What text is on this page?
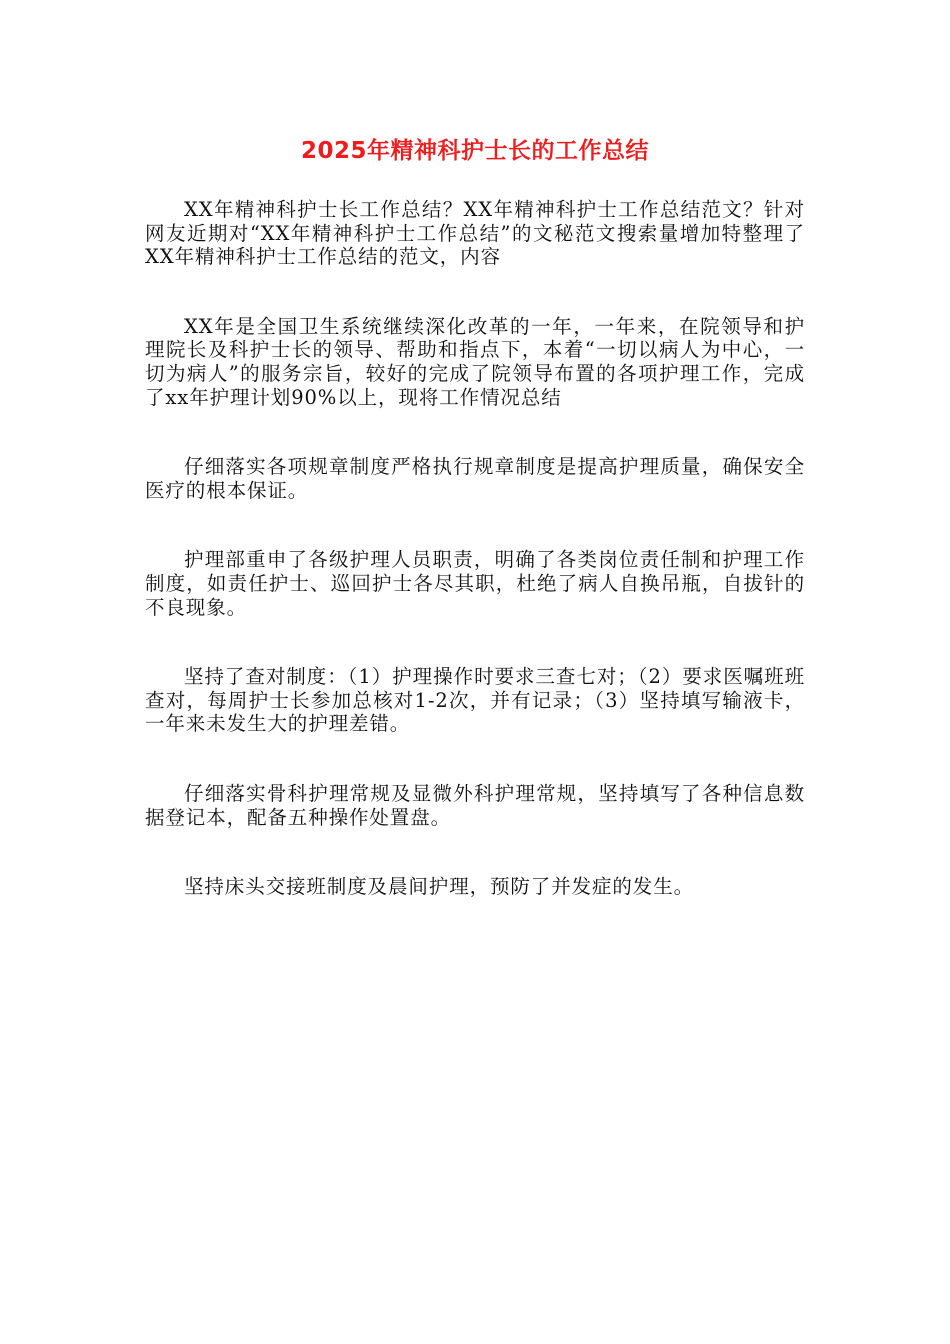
2025年精神科护士长的工作总结

XX年精神科护士长工作总结？XX年精神科护士工作总结范文？针对网友近期对“XX年精神科护士工作总结”的文秘范文搜索量增加特整理了XX年精神科护士工作总结的范文，内容

XX年是全国卫生系统继续深化改革的一年，一年来，在院领导和护理院长及科护士长的领导、帮助和指点下，本着“一切以病人为中心，一切为病人”的服务宗旨，较好的完成了院领导布置的各项护理工作，完成了xx年护理计划90%以上，现将工作情况总结

仔细落实各项规章制度严格执行规章制度是提高护理质量，确保安全医疗的根本保证。

护理部重申了各级护理人员职责，明确了各类岗位责任制和护理工作制度，如责任护士、巡回护士各尽其职，杜绝了病人自换吊瓶，自拔针的不良现象。

坚持了查对制度：（1）护理操作时要求三查七对；（2）要求医嘱班班查对，每周护士长参加总核对1-2次，并有记录；（3）坚持填写输液卡，一年来未发生大的护理差错。

仔细落实骨科护理常规及显微外科护理常规，坚持填写了各种信息数据登记本，配备五种操作处置盘。

坚持床头交接班制度及晨间护理，预防了并发症的发生。
